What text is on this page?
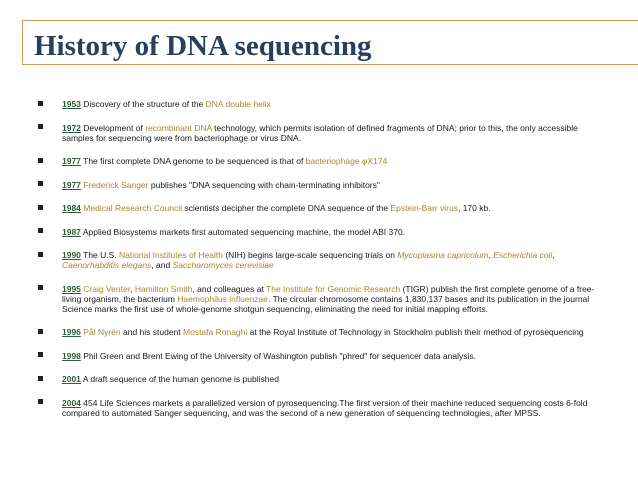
History of DNA sequencing
1953 Discovery of the structure of the DNA double helix
1972 Development of recombinant DNA technology, which permits isolation of defined fragments of DNA; prior to this, the only accessible samples for sequencing were from bacteriophage or virus DNA.
1977 The first complete DNA genome to be sequenced is that of bacteriophage φX174
1977 Frederick Sanger publishes "DNA sequencing with chain-terminating inhibitors"
1984 Medical Research Council scientists decipher the complete DNA sequence of the Epstein-Barr virus, 170 kb.
1987 Applied Biosystems markets first automated sequencing machine, the model ABI 370.
1990 The U.S. National Institutes of Health (NIH) begins large-scale sequencing trials on Mycoplasma capricolum, Escherichia coli, Caenorhabditis elegans, and Saccharomyces cerevisiae
1995 Craig Venter, Hamilton Smith, and colleagues at The Institute for Genomic Research (TIGR) publish the first complete genome of a free-living organism, the bacterium Haemophilus influenzae. The circular chromosome contains 1,830,137 bases and its publication in the journal Science marks the first use of whole-genome shotgun sequencing, eliminating the need for initial mapping efforts.
1996 Pål Nyrén and his student Mostafa Ronaghi at the Royal Institute of Technology in Stockholm publish their method of pyrosequencing
1998 Phil Green and Brent Ewing of the University of Washington publish "phred" for sequencer data analysis.
2001 A draft sequence of the human genome is published
2004 454 Life Sciences markets a parallelized version of pyrosequencing.The first version of their machine reduced sequencing costs 6-fold compared to automated Sanger sequencing, and was the second of a new generation of sequencing technologies, after MPSS.
